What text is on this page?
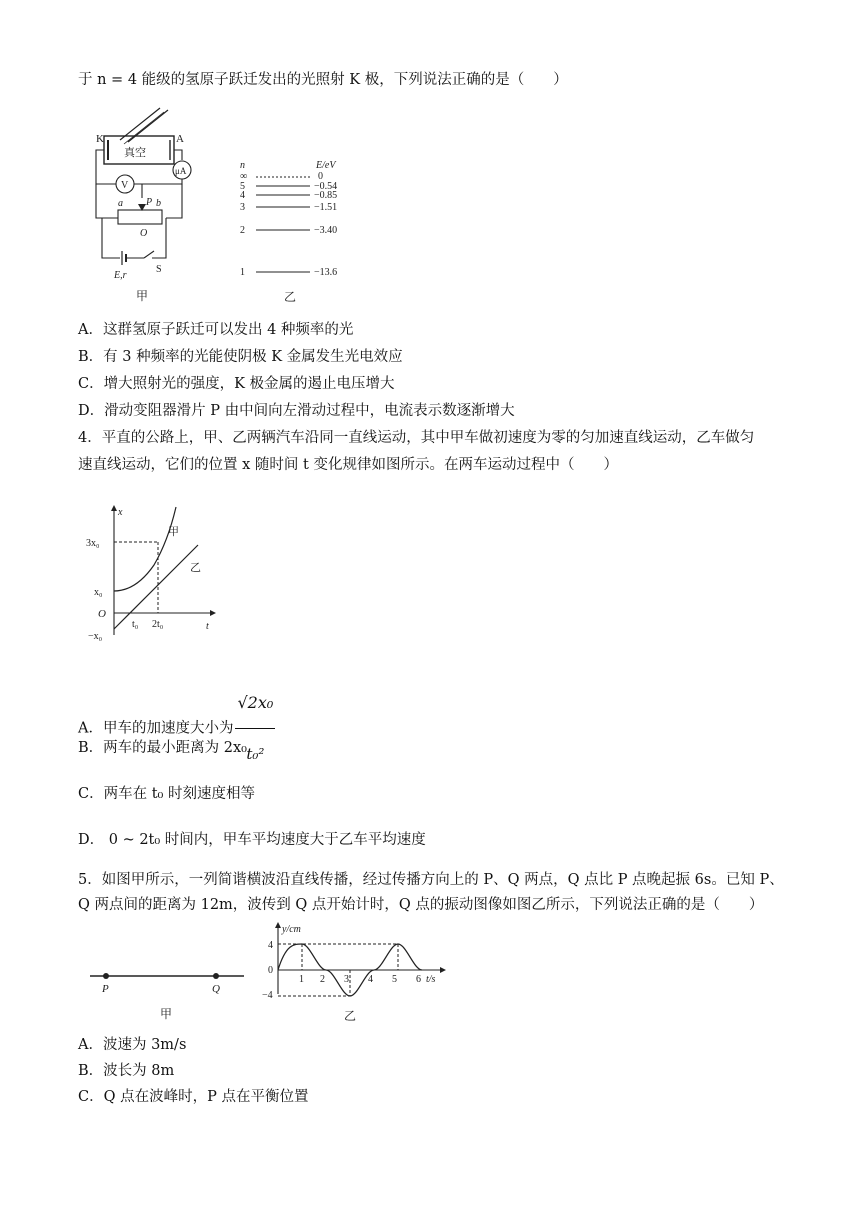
于 n = 4 能级的氢原子跃迁发出的光照射 K 极，下列说法正确的是（　　）
K	A
真空
μA
V
a P b
O
E,r
S
甲
n	E/eV
∞	0
5	−0.54
4	−0.85
3	−1.51
2	−3.40
1	−13.6
乙
A．这群氢原子跃迁可以发出 4 种频率的光
B．有 3 种频率的光能使阴极 K 金属发生光电效应
C．增大照射光的强度，K 极金属的遏止电压增大
D．滑动变阻器滑片 P 由中间向左滑动过程中，电流表示数逐渐增大
4．平直的公路上，甲、乙两辆汽车沿同一直线运动，其中甲车做初速度为零的匀加速直线运动，乙车做匀
速直线运动，它们的位置 x 随时间 t 变化规律如图所示。在两车运动过程中（　　）
x
t
3x₀
x₀
O
−x₀
t₀ 2t₀
甲
乙
A．甲车的加速度大小为 $\frac{\text{√2x₀}}{\text{t₀²}}$
B．两车的最小距离为 2x₀
C．两车在 t₀ 时刻速度相等
D． 0 ~ 2t₀ 时间内，甲车平均速度大于乙车平均速度
5．如图甲所示，一列简谐横波沿直线传播，经过传播方向上的 P、Q 两点，Q 点比 P 点晚起振 6s。已知 P、
Q 两点间的距离为 12m，波传到 Q 点开始计时，Q 点的振动图像如图乙所示，下列说法正确的是（　　）
P	Q
甲
y/cm
t/s
4
0
−4
1 2 3 4 5 6
乙
A．波速为 3m/s
B．波长为 8m
C．Q 点在波峰时，P 点在平衡位置
